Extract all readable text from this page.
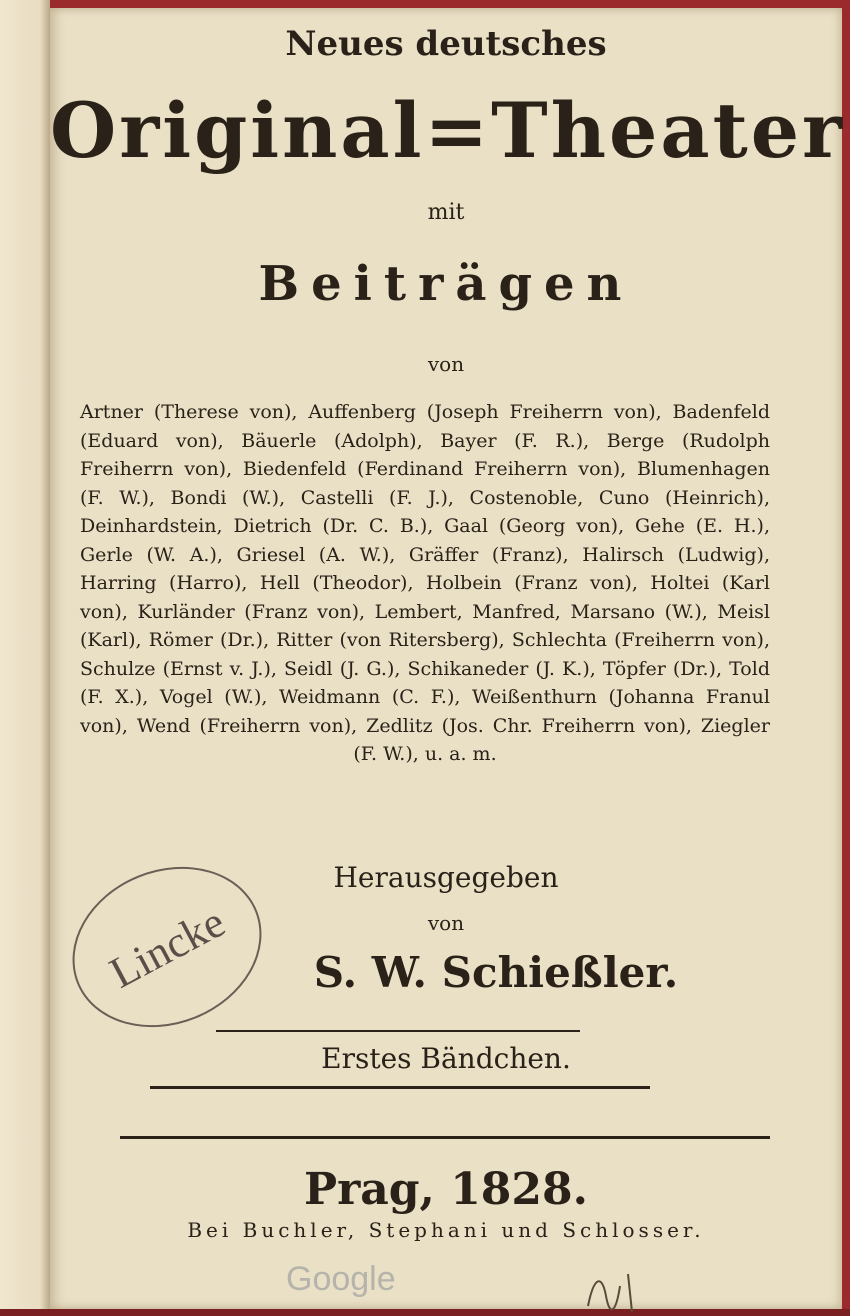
Neues deutsches
Original=Theater
mit
Beiträgen
von
Artner (Therese von), Auffenberg (Joseph Freiherrn von), Badenfeld (Eduard von), Bäuerle (Adolph), Bayer (F. R.), Berge (Rudolph Freiherrn von), Biedenfeld (Ferdinand Freiherrn von), Blumenhagen (F. W.), Bondi (W.), Castelli (F. J.), Costenoble, Cuno (Heinrich), Deinhardstein, Dietrich (Dr. C. B.), Gaal (Georg von), Gehe (E. H.), Gerle (W. A.), Griesel (A. W.), Gräffer (Franz), Halirsch (Ludwig), Harring (Harro), Hell (Theodor), Holbein (Franz von), Holtei (Karl von), Kurländer (Franz von), Lembert, Manfred, Marsano (W.), Meisl (Karl), Römer (Dr.), Ritter (von Ritersberg), Schlechta (Freiherrn von), Schulze (Ernst v. J.), Seidl (J. G.), Schikaneder (J. K.), Töpfer (Dr.), Told (F. X.), Vogel (W.), Weidmann (C. F.), Weißenthurn (Johanna Franul von), Wend (Freiherrn von), Zedlitz (Jos. Chr. Freiherrn von), Ziegler (F. W.), u. a. m.
Herausgegeben
von
S. W. Schießler.
Erstes Bändchen.
Prag, 1828.
Bei Buchler, Stephani und Schlosser.
Lincke
Google
